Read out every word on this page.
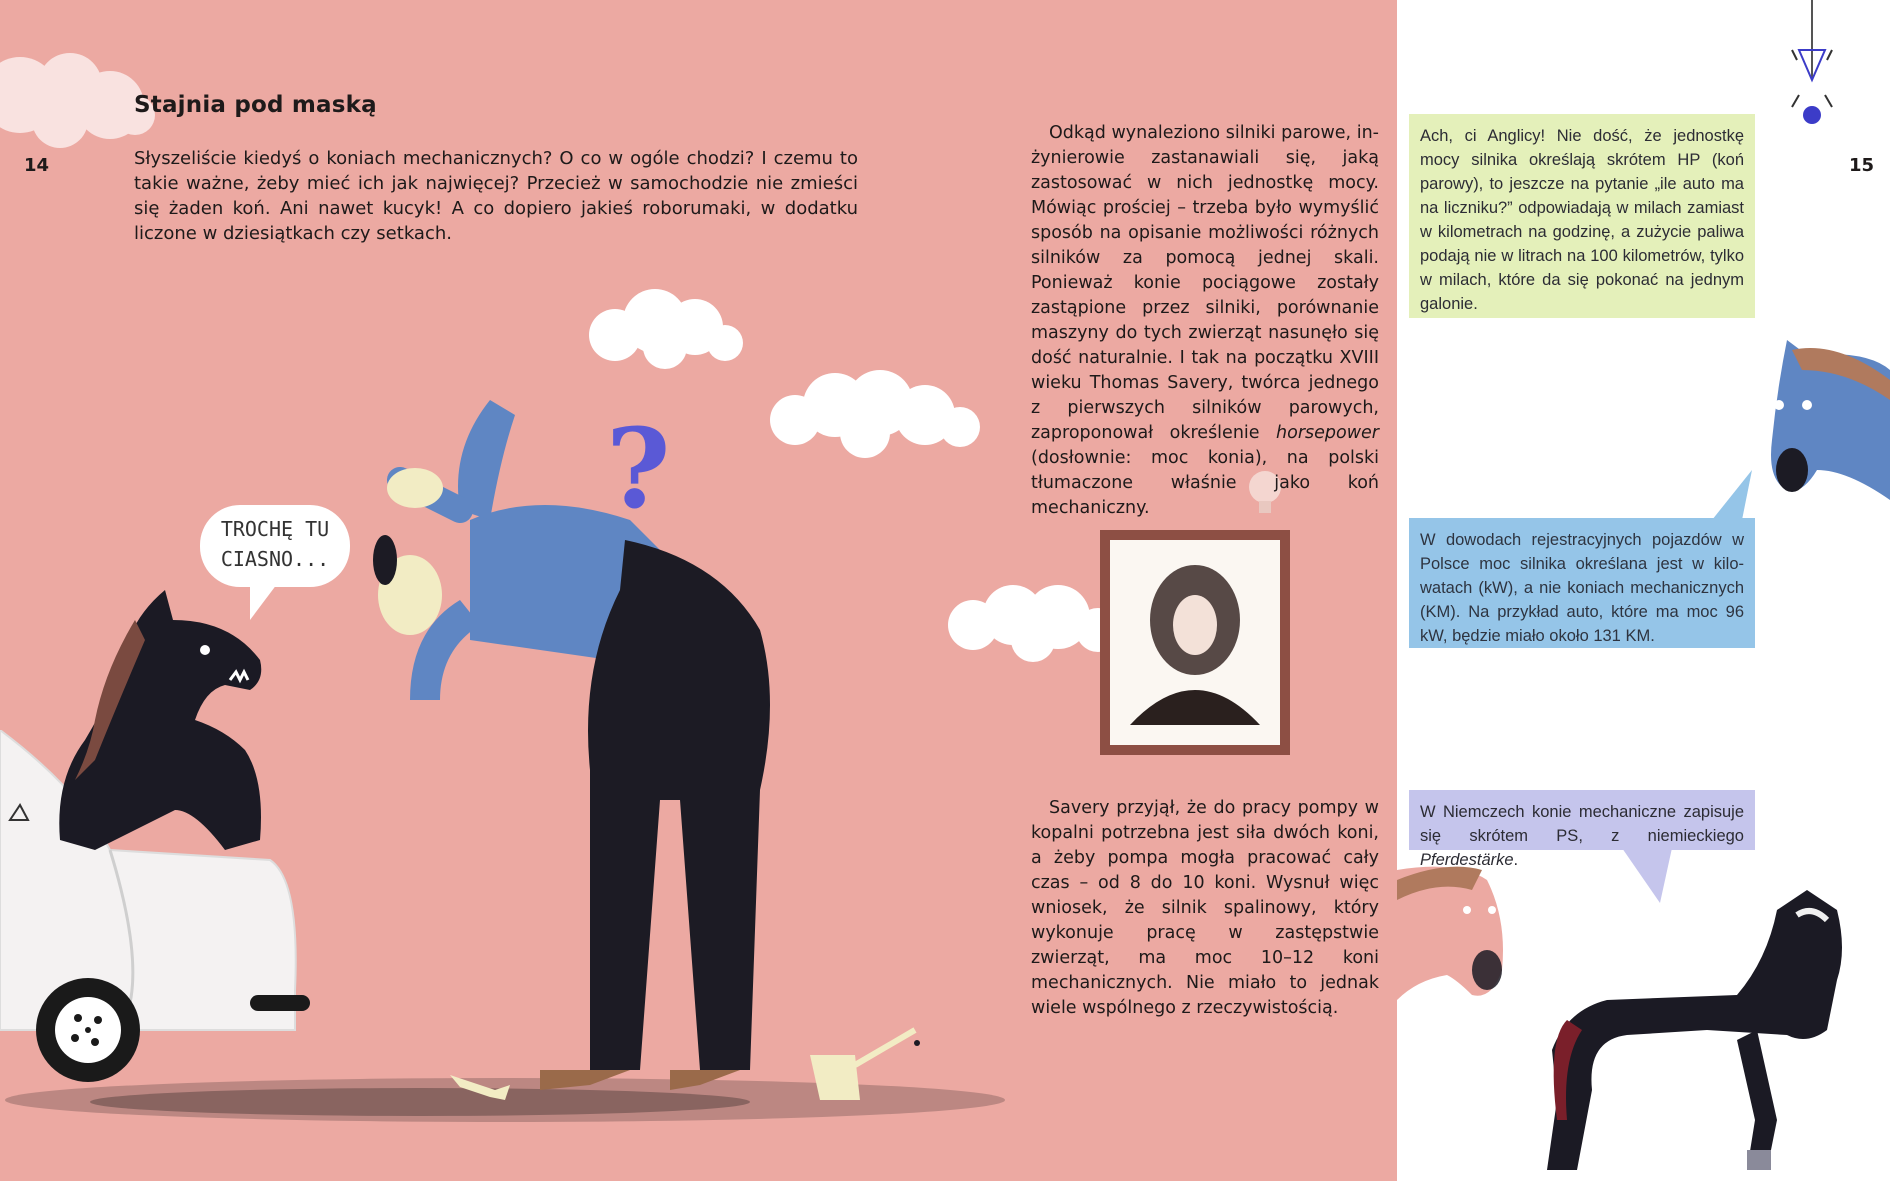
TROCHĘ TU
CIASNO...
?
Stajnia pod maską
14	Słyszeliście kiedyś o koniach mechanicznych? O co w ogóle chodzi? I czemu to takie ważne, żeby mieć ich jak najwięcej? Przecież w samochodzie nie zmieści się żaden koń. Ani nawet kucyk! A co dopiero jakieś roborumaki, w dodatku liczone w dziesiątkach czy setkach.

Odkąd wynaleziono silniki parowe, inżynierowie zastanawiali się, jaką zastosować w nich jednostkę mocy. Mówiąc prościej – trzeba było wymyślić sposób na opisanie możliwości różnych silników za pomocą jednej skali. Ponieważ konie pociągowe zostały zastąpione przez silniki, porównanie maszyny do tych zwierząt nasunęło się dość naturalnie. I tak na początku XVIII wieku Thomas Savery, twórca jednego z pierwszych silników parowych, zaproponował określenie horsepower (dosłownie: moc konia), na polski tłumaczone właśnie jako koń mechaniczny.

Savery przyjął, że do pracy pompy w kopalni potrzebna jest siła dwóch koni, a żeby pompa mogła pracować cały czas – od 8 do 10 koni. Wysnuł więc wniosek, że silnik spalinowy, który wykonuje pracę w zastępstwie zwierząt, ma moc 10–12 koni mechanicznych. Nie miało to jednak wiele wspólnego z rzeczywistością.

15
Ach, ci Anglicy! Nie dość, że jednostkę mocy silnika określają skrótem HP (koń parowy), to jeszcze na pytanie „ile auto ma na liczniku?” odpowiadają w milach zamiast w kilometrach na godzinę, a zużycie paliwa podają nie w litrach na 100 kilometrów, tylko w milach, które da się pokonać na jednym galonie.
W dowodach rejestracyjnych pojazdów w Polsce moc silnika określana jest w kilowatach (kW), a nie koniach mechanicznych (KM). Na przykład auto, które ma moc 96 kW, będzie miało około 131 KM.
W Niemczech konie mechaniczne zapisuje się skrótem PS, z niemieckiego Pferdestärke.
